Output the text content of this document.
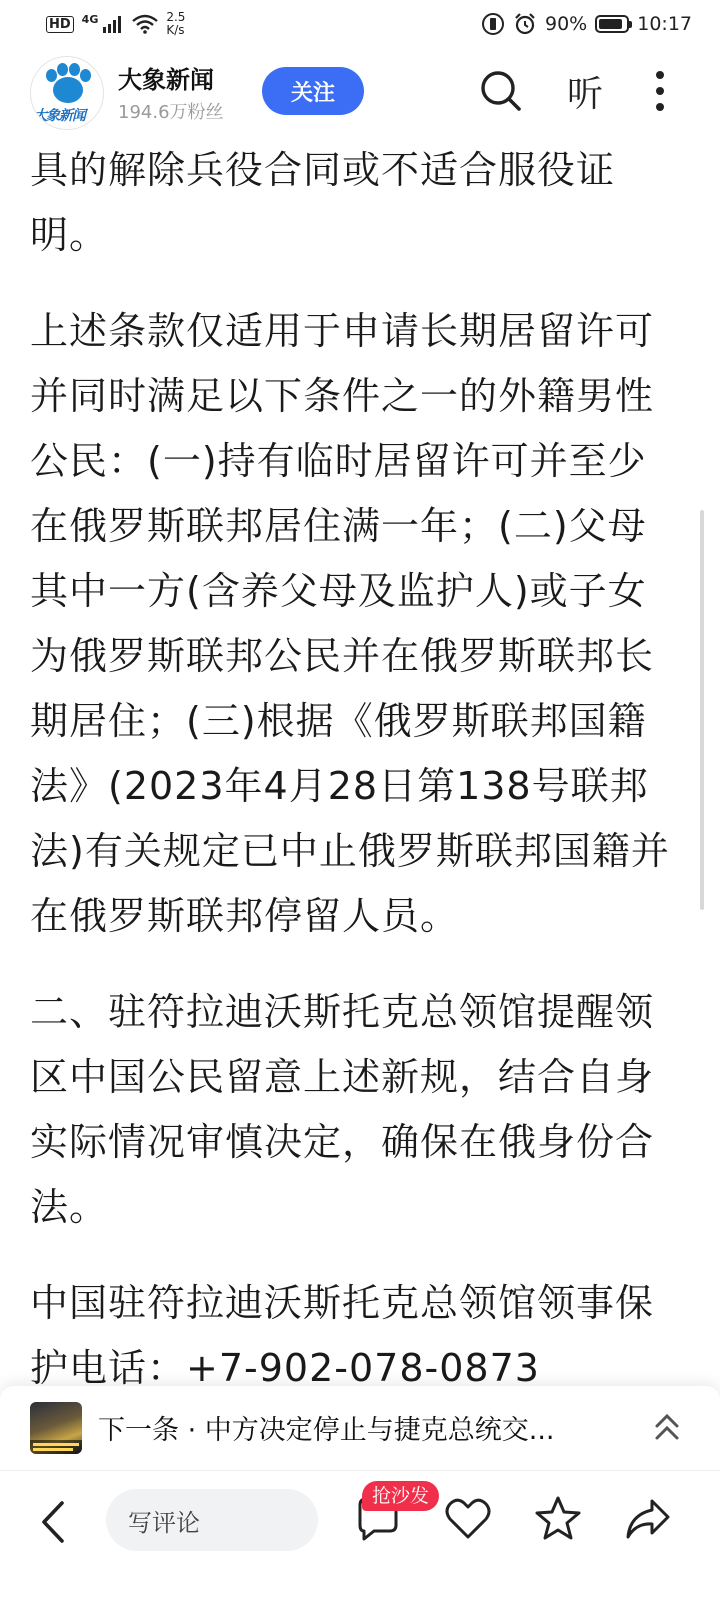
HD 4G	2.5
K/s	90%	10:17
大象新闻
大象新闻
194.6万粉丝
关注	听

具的解除兵役合同或不适合服役证明。

上述条款仅适用于申请长期居留许可并同时满足以下条件之一的外籍男性公民：(一)持有临时居留许可并至少在俄罗斯联邦居住满一年；(二)父母其中一方(含养父母及监护人)或子女为俄罗斯联邦公民并在俄罗斯联邦长期居住；(三)根据《俄罗斯联邦国籍法》(2023年4月28日第138号联邦法)有关规定已中止俄罗斯联邦国籍并在俄罗斯联邦停留人员。

二、驻符拉迪沃斯托克总领馆提醒领区中国公民留意上述新规，结合自身实际情况审慎决定，确保在俄身份合法。

中国驻符拉迪沃斯托克总领馆领事保护电话：+7-902-078-0873

下一条 · 中方决定停止与捷克总统交...
写评论
抢沙发
